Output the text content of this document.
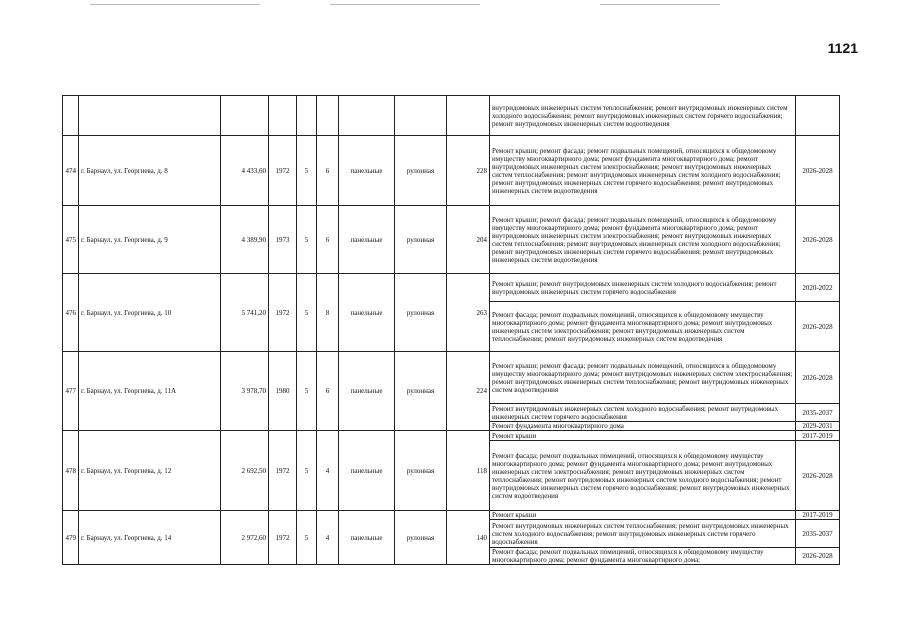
1121
									внутридомовых инженерных систем теплоснабжения; ремонт внутридомовых инженерных систем холодного водоснабжения; ремонт внутридомовых инженерных систем горячего водоснабжения; ремонт внутридомовых инженерных систем водоотведения	
474	г. Барнаул, ул. Георгиева, д. 8	4 433,60	1972	5	6	панельные	рулонная	228	Ремонт крыши; ремонт фасада; ремонт подвальных помещений, относящихся к общедомовому имуществу многоквартирного дома; ремонт фундамента многоквартирного дома; ремонт внутридомовых инженерных систем электроснабжения; ремонт внутридомовых инженерных систем теплоснабжения; ремонт внутридомовых инженерных систем холодного водоснабжения; ремонт внутридомовых инженерных систем горячего водоснабжения; ремонт внутридомовых инженерных систем водоотведения	2026-2028
475	г. Барнаул, ул. Георгиева, д. 9	4 389,90	1973	5	6	панельные	рулонная	204	Ремонт крыши; ремонт фасада; ремонт подвальных помещений, относящихся к общедомовому имуществу многоквартирного дома; ремонт фундамента многоквартирного дома; ремонт внутридомовых инженерных систем электроснабжения; ремонт внутридомовых инженерных систем теплоснабжения; ремонт внутридомовых инженерных систем холодного водоснабжения; ремонт внутридомовых инженерных систем горячего водоснабжения; ремонт внутридомовых инженерных систем водоотведения	2026-2028
476	г. Барнаул, ул. Георгиева, д. 10	5 741,20	1972	5	8	панельные	рулонная	263	Ремонт крыши; ремонт внутридомовых инженерных систем холодного водоснабжения; ремонт внутридомовых инженерных систем горячего водоснабжения	2020-2022
									Ремонт фасада; ремонт подвальных помещений, относящихся к общедомовому имуществу многоквартирного дома; ремонт фундамента многоквартирного дома; ремонт внутридомовых инженерных систем электроснабжения; ремонт внутридомовых инженерных систем теплоснабжения; ремонт внутридомовых инженерных систем водоотведения	2026-2028
477	г. Барнаул, ул. Георгиева, д. 11А	3 978,70	1980	5	6	панельные	рулонная	224	Ремонт крыши; ремонт фасада; ремонт подвальных помещений, относящихся к общедомовому имуществу многоквартирного дома; ремонт внутридомовых инженерных систем электроснабжения; ремонт внутридомовых инженерных систем теплоснабжения; ремонт внутридомовых инженерных систем водоотведения	2026-2028
									Ремонт внутридомовых инженерных систем холодного водоснабжения; ремонт внутридомовых инженерных систем горячего водоснабжения	2035-2037
									Ремонт фундамента многоквартирного дома	2029-2031
478	г. Барнаул, ул. Георгиева, д. 12	2 692,50	1972	5	4	панельные	рулонная	118	Ремонт крыши	2017-2019
									Ремонт фасада; ремонт подвальных помещений, относящихся к общедомовому имуществу многоквартирного дома; ремонт фундамента многоквартирного дома; ремонт внутридомовых инженерных систем электроснабжения; ремонт внутридомовых инженерных систем теплоснабжения; ремонт внутридомовых инженерных систем холодного водоснабжения; ремонт внутридомовых инженерных систем горячего водоснабжения; ремонт внутридомовых инженерных систем водоотведения	2026-2028
479	г. Барнаул, ул. Георгиева, д. 14	2 972,60	1972	5	4	панельные	рулонная	140	Ремонт крыши	2017-2019
									Ремонт внутридомовых инженерных систем теплоснабжения; ремонт внутридомовых инженерных систем холодного водоснабжения; ремонт внутридомовых инженерных систем горячего водоснабжения	2035-2037
									Ремонт фасада; ремонт подвальных помещений, относящихся к общедомовому имуществу многоквартирного дома; ремонт фундамента многоквартирного дома;	2026-2028
